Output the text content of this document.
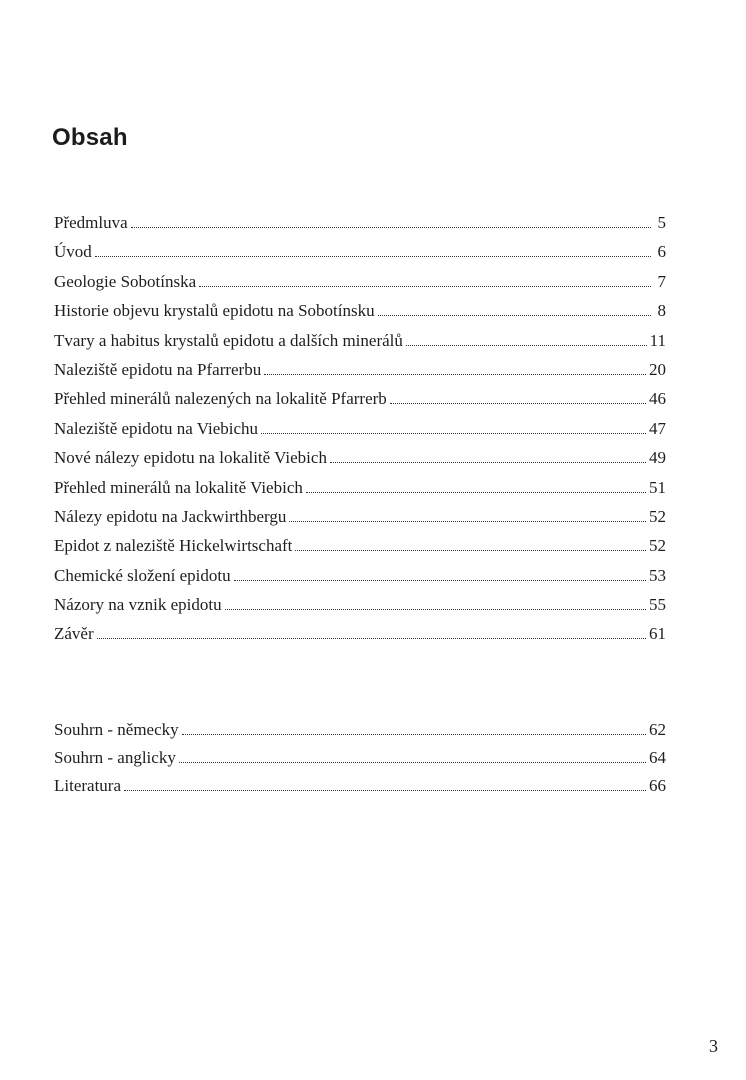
Obsah
Předmluva	5
Úvod	6
Geologie Sobotínska	7
Historie objevu krystalů epidotu na Sobotínsku	8
Tvary a habitus krystalů epidotu a dalších minerálů	11
Naleziště epidotu na Pfarrerbu	20
Přehled minerálů nalezených na lokalitě Pfarrerb	46
Naleziště epidotu na Viebichu	47
Nové nálezy epidotu na lokalitě Viebich	49
Přehled minerálů na lokalitě Viebich	51
Nálezy epidotu na Jackwirthbergu	52
Epidot z naleziště Hickelwirtschaft	52
Chemické složení epidotu	53
Názory na vznik epidotu	55
Závěr	61
Souhrn - německy	62
Souhrn - anglicky	64
Literatura	66
3
